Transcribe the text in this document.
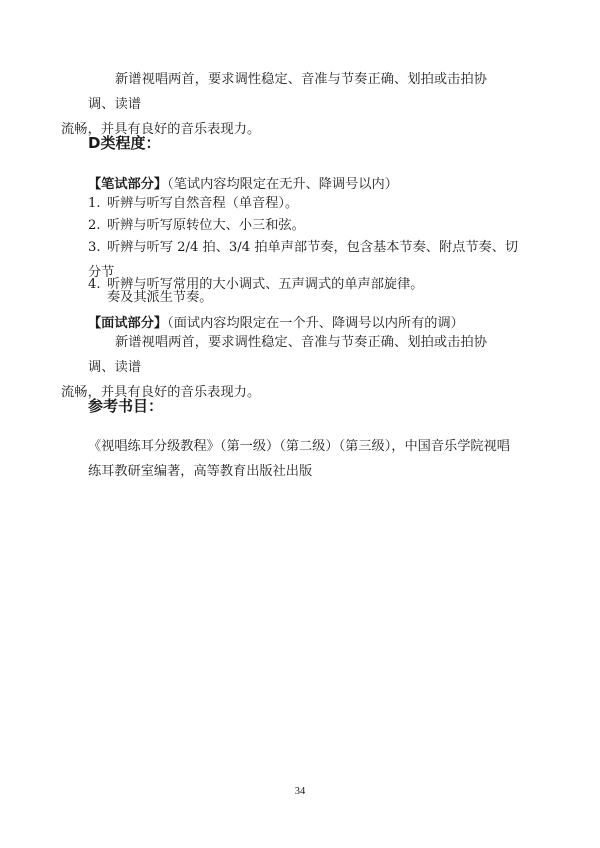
新谱视唱两首，要求调性稳定、音准与节奏正确、划拍或击拍协调、读谱
流畅，并具有良好的音乐表现力。
D类程度：
【笔试部分】（笔试内容均限定在无升、降调号以内）
1. 听辨与听写自然音程（单音程）。
2. 听辨与听写原转位大、小三和弦。
3. 听辨与听写 2/4 拍、3/4 拍单声部节奏，包含基本节奏、附点节奏、切分节
奏及其派生节奏。
4. 听辨与听写常用的大小调式、五声调式的单声部旋律。
【面试部分】（面试内容均限定在一个升、降调号以内所有的调）
新谱视唱两首，要求调性稳定、音准与节奏正确、划拍或击拍协调、读谱
流畅，并具有良好的音乐表现力。
参考书目：
《视唱练耳分级教程》（第一级）（第二级）（第三级），中国音乐学院视唱
练耳教研室编著，高等教育出版社出版
34
